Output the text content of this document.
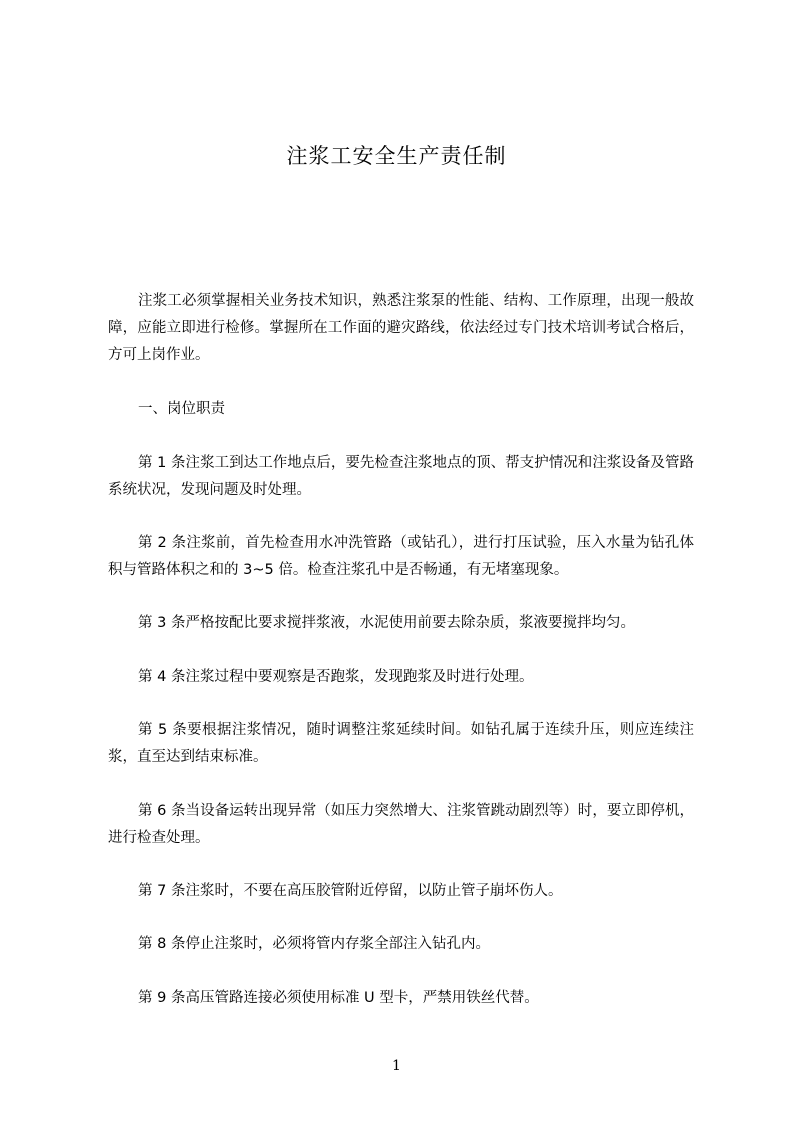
注浆工安全生产责任制

注浆工必须掌握相关业务技术知识，熟悉注浆泵的性能、结构、工作原理，出现一般故障，应能立即进行检修。掌握所在工作面的避灾路线，依法经过专门技术培训考试合格后，方可上岗作业。

一、岗位职责

第 1 条注浆工到达工作地点后，要先检查注浆地点的顶、帮支护情况和注浆设备及管路系统状况，发现问题及时处理。

第 2 条注浆前，首先检查用水冲洗管路（或钻孔），进行打压试验，压入水量为钻孔体积与管路体积之和的 3~5 倍。检查注浆孔中是否畅通，有无堵塞现象。

第 3 条严格按配比要求搅拌浆液，水泥使用前要去除杂质，浆液要搅拌均匀。

第 4 条注浆过程中要观察是否跑浆，发现跑浆及时进行处理。

第 5 条要根据注浆情况，随时调整注浆延续时间。如钻孔属于连续升压，则应连续注浆，直至达到结束标准。

第 6 条当设备运转出现异常（如压力突然增大、注浆管跳动剧烈等）时，要立即停机，进行检查处理。

第 7 条注浆时，不要在高压胶管附近停留，以防止管子崩坏伤人。

第 8 条停止注浆时，必须将管内存浆全部注入钻孔内。

第 9 条高压管路连接必须使用标准 U 型卡，严禁用铁丝代替。

1
